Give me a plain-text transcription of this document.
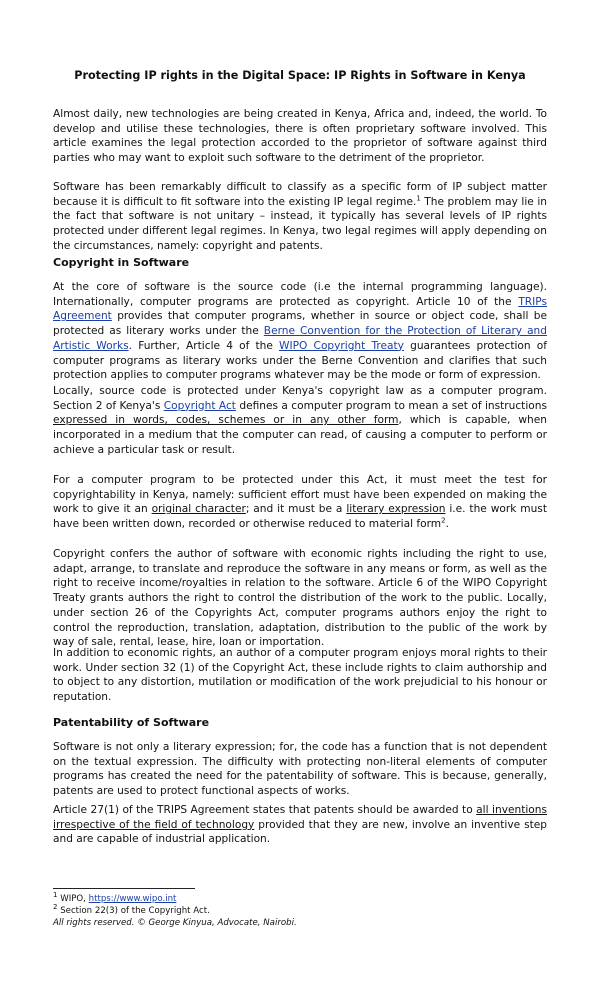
Protecting IP rights in the Digital Space: IP Rights in Software in Kenya

Almost daily, new technologies are being created in Kenya, Africa and, indeed, the world. To develop and utilise these technologies, there is often proprietary software involved. This article examines the legal protection accorded to the proprietor of software against third parties who may want to exploit such software to the detriment of the proprietor.

Software has been remarkably difficult to classify as a specific form of IP subject matter because it is difficult to fit software into the existing IP legal regime.$^1$ The problem may lie in the fact that software is not unitary – instead, it typically has several levels of IP rights protected under different legal regimes. In Kenya, two legal regimes will apply depending on the circumstances, namely: copyright and patents.

Copyright in Software

At the core of software is the source code (i.e the internal programming language). Internationally, computer programs are protected as copyright. Article 10 of the TRIPs Agreement provides that computer programs, whether in source or object code, shall be protected as literary works under the Berne Convention for the Protection of Literary and Artistic Works. Further, Article 4 of the WIPO Copyright Treaty guarantees protection of computer programs as literary works under the Berne Convention and clarifies that such protection applies to computer programs whatever may be the mode or form of expression.

Locally, source code is protected under Kenya's copyright law as a computer program. Section 2 of Kenya's Copyright Act defines a computer program to mean a set of instructions expressed in words, codes, schemes or in any other form, which is capable, when incorporated in a medium that the computer can read, of causing a computer to perform or achieve a particular task or result.

For a computer program to be protected under this Act, it must meet the test for copyrightability in Kenya, namely: sufficient effort must have been expended on making the work to give it an original character; and it must be a literary expression i.e. the work must have been written down, recorded or otherwise reduced to material form$^2$.

Copyright confers the author of software with economic rights including the right to use, adapt, arrange, to translate and reproduce the software in any means or form, as well as the right to receive income/royalties in relation to the software. Article 6 of the WIPO Copyright Treaty grants authors the right to control the distribution of the work to the public. Locally, under section 26 of the Copyrights Act, computer programs authors enjoy the right to control the reproduction, translation, adaptation, distribution to the public of the work by way of sale, rental, lease, hire, loan or importation.

In addition to economic rights, an author of a computer program enjoys moral rights to their work. Under section 32 (1) of the Copyright Act, these include rights to claim authorship and to object to any distortion, mutilation or modification of the work prejudicial to his honour or reputation.

Patentability of Software

Software is not only a literary expression; for, the code has a function that is not dependent on the textual expression. The difficulty with protecting non-literal elements of computer programs has created the need for the patentability of software. This is because, generally, patents are used to protect functional aspects of works.

Article 27(1) of the TRIPS Agreement states that patents should be awarded to all inventions irrespective of the field of technology provided that they are new, involve an inventive step and are capable of industrial application.

$^1$ WIPO, https://www.wipo.int

$^2$ Section 22(3) of the Copyright Act.

All rights reserved. © George Kinyua, Advocate, Nairobi.
